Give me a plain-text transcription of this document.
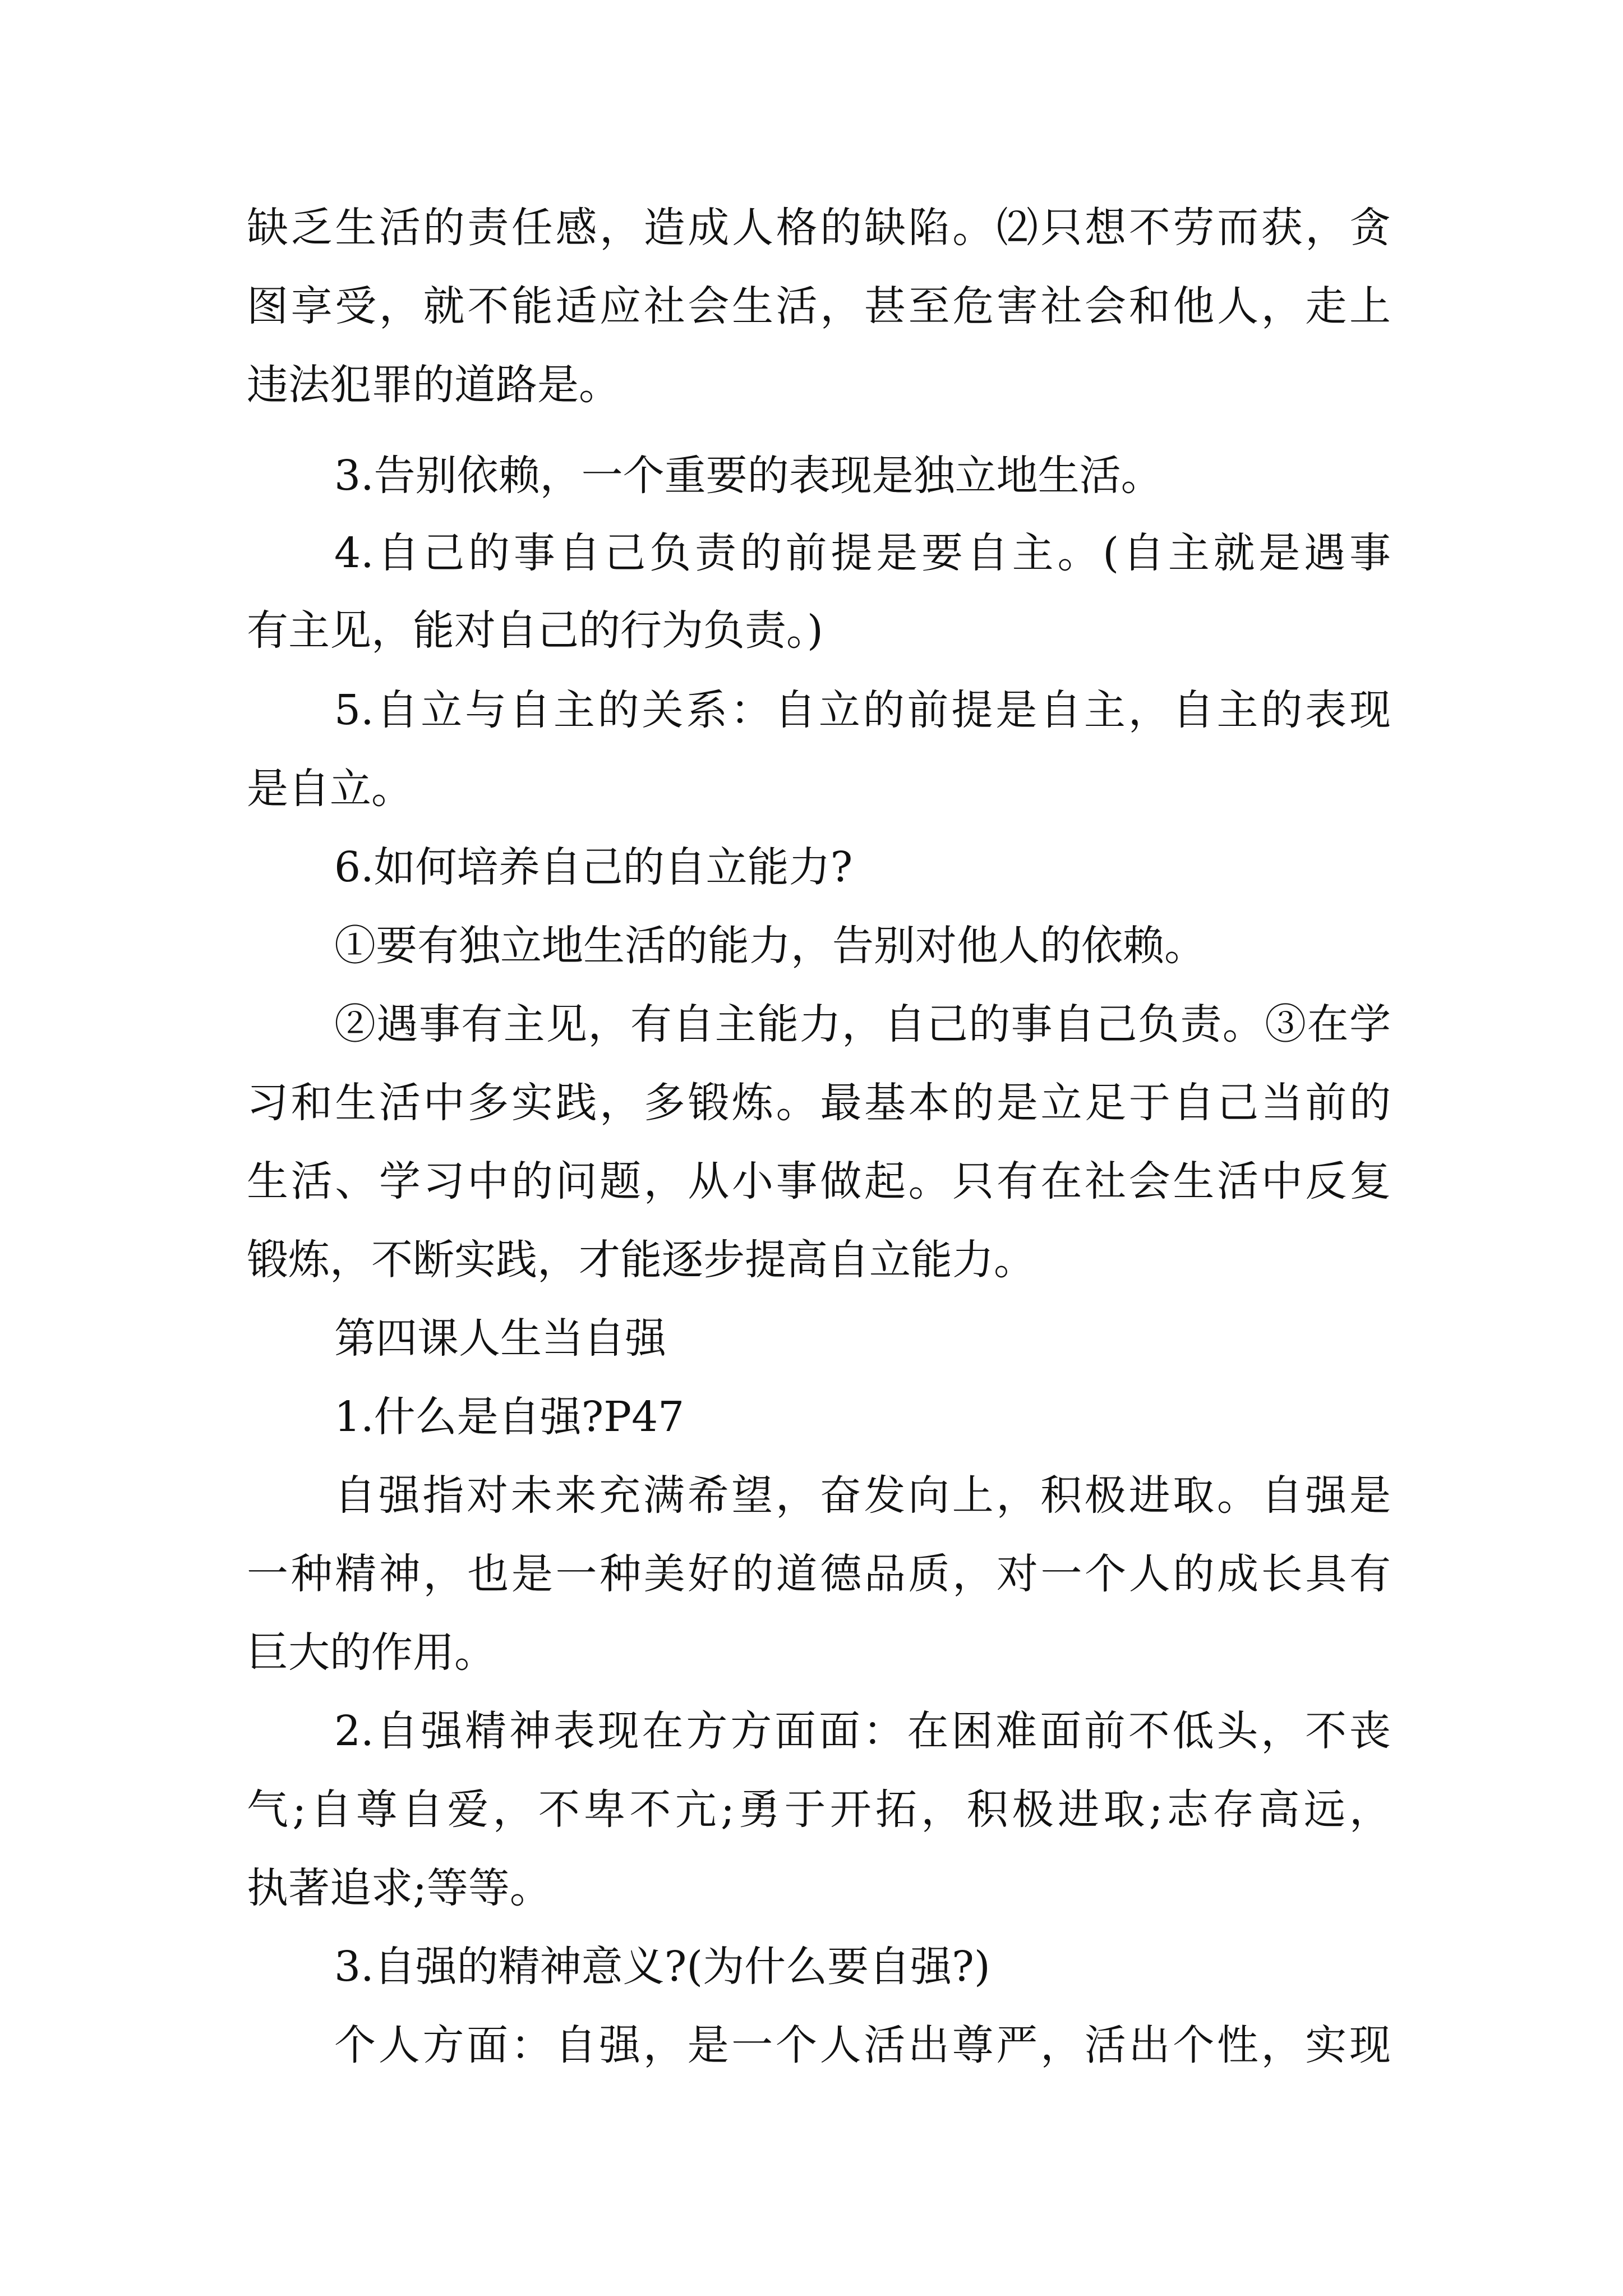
缺乏生活的责任感，造成人格的缺陷。⑵只想不劳而获，贪
图享受，就不能适应社会生活，甚至危害社会和他人，走上
违法犯罪的道路是。
3.告别依赖，一个重要的表现是独立地生活。
4.自己的事自己负责的前提是要自主。(自主就是遇事
有主见，能对自己的行为负责。)
5.自立与自主的关系：自立的前提是自主，自主的表现
是自立。
6.如何培养自己的自立能力?
①要有独立地生活的能力，告别对他人的依赖。
②遇事有主见，有自主能力，自己的事自己负责。③在学
习和生活中多实践，多锻炼。最基本的是立足于自己当前的
生活、学习中的问题，从小事做起。只有在社会生活中反复
锻炼，不断实践，才能逐步提高自立能力。
第四课人生当自强
1.什么是自强?P47
自强指对未来充满希望，奋发向上，积极进取。自强是
一种精神，也是一种美好的道德品质，对一个人的成长具有
巨大的作用。
2.自强精神表现在方方面面：在困难面前不低头，不丧
气;自尊自爱，不卑不亢;勇于开拓，积极进取;志存高远，
执著追求;等等。
3.自强的精神意义?(为什么要自强?)
个人方面：自强，是一个人活出尊严，活出个性，实现
